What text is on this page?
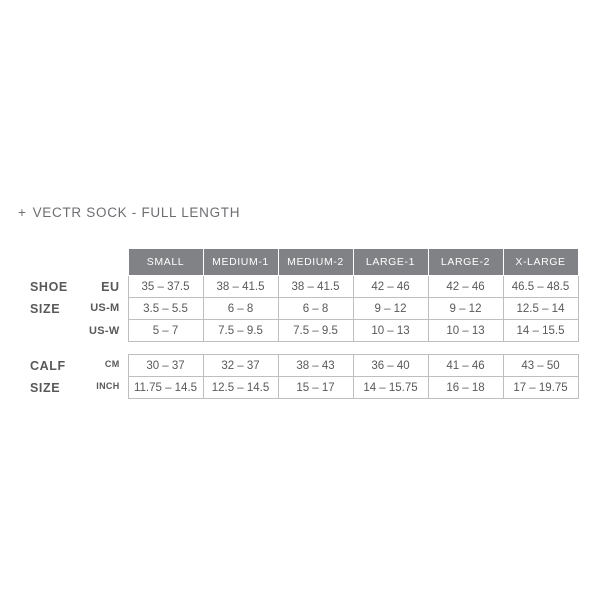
+ VECTR SOCK - FULL LENGTH
	SMALL	MEDIUM-1	MEDIUM-2	LARGE-1	LARGE-2	X-LARGE

SHOE EU	35 – 37.5	38 – 41.5	38 – 41.5	42 – 46	42 – 46	46.5 – 48.5

SIZE US-M	3.5 – 5.5	6 – 8	6 – 8	9 – 12	9 – 12	12.5 – 14
US-W	5 – 7	7.5 – 9.5	7.5 – 9.5	10 – 13	10 – 13	14 – 15.5

CALF CM	30 – 37	32 – 37	38 – 43	36 – 40	41 – 46	43 – 50

SIZE INCH	11.75 – 14.5	12.5 – 14.5	15 – 17	14 – 15.75	16 – 18	17 – 19.75
